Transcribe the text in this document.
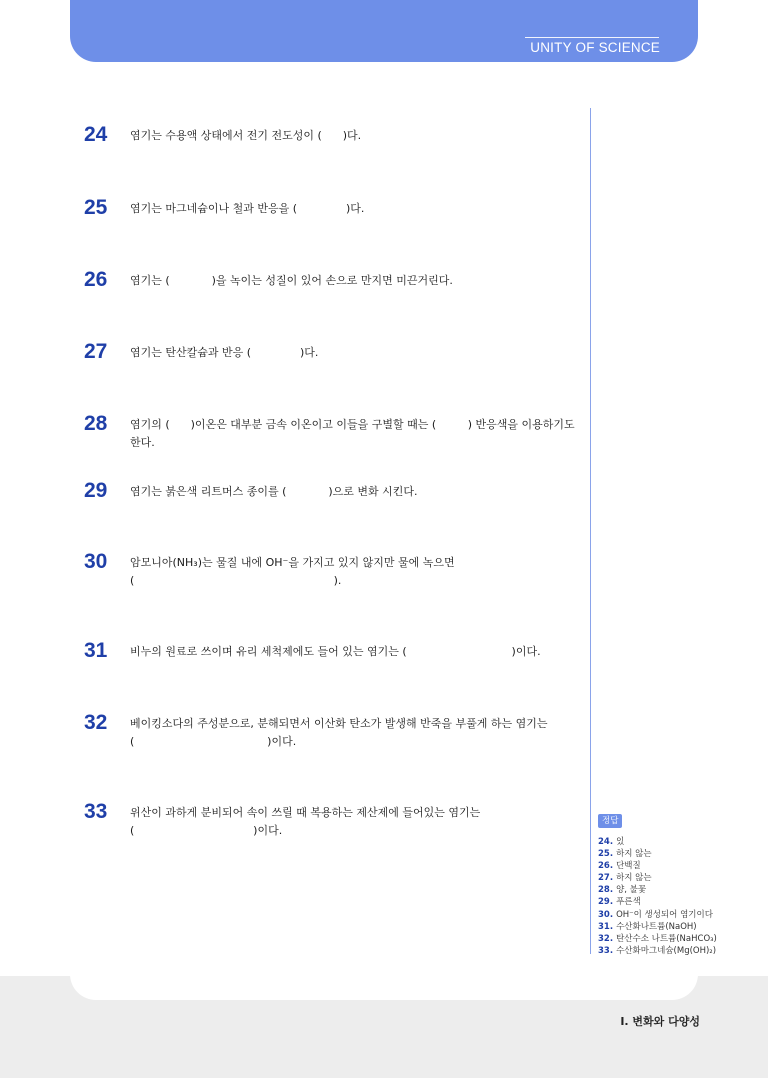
UNITY OF SCIENCE
24 염기는 수용액 상태에서 전기 전도성이 (      )다.
25 염기는 마그네슘이나 철과 반응을 (              )다.
26 염기는 (            )을 녹이는 성질이 있어 손으로 만지면 미끈거린다.
27 염기는 탄산칼슘과 반응 (              )다.
28 염기의 (      )이온은 대부분 금속 이온이고 이들을 구별할 때는 (         ) 반응색을 이용하기도
한다.
29 염기는 붉은색 리트머스 종이를 (            )으로 변화 시킨다.
30 암모니아(NH₃)는 물질 내에 OH⁻을 가지고 있지 않지만 물에 녹으면
(                                                         ).
31 비누의 원료로 쓰이며 유리 세척제에도 들어 있는 염기는 (                              )이다.
32 베이킹소다의 주성분으로, 분해되면서 이산화 탄소가 발생해 반죽을 부풀게 하는 염기는
(                                      )이다.
33 위산이 과하게 분비되어 속이 쓰릴 때 복용하는 제산제에 들어있는 염기는
(                                  )이다.
정답
24. 있
25. 하지 않는
26. 단백질
27. 하지 않는
28. 양, 불꽃
29. 푸른색
30. OH⁻이 생성되어 염기이다
31. 수산화나트륨(NaOH)
32. 탄산수소 나트륨(NaHCO₃)
33. 수산화마그네슘(Mg(OH)₂)
Ⅰ. 변화와 다양성
